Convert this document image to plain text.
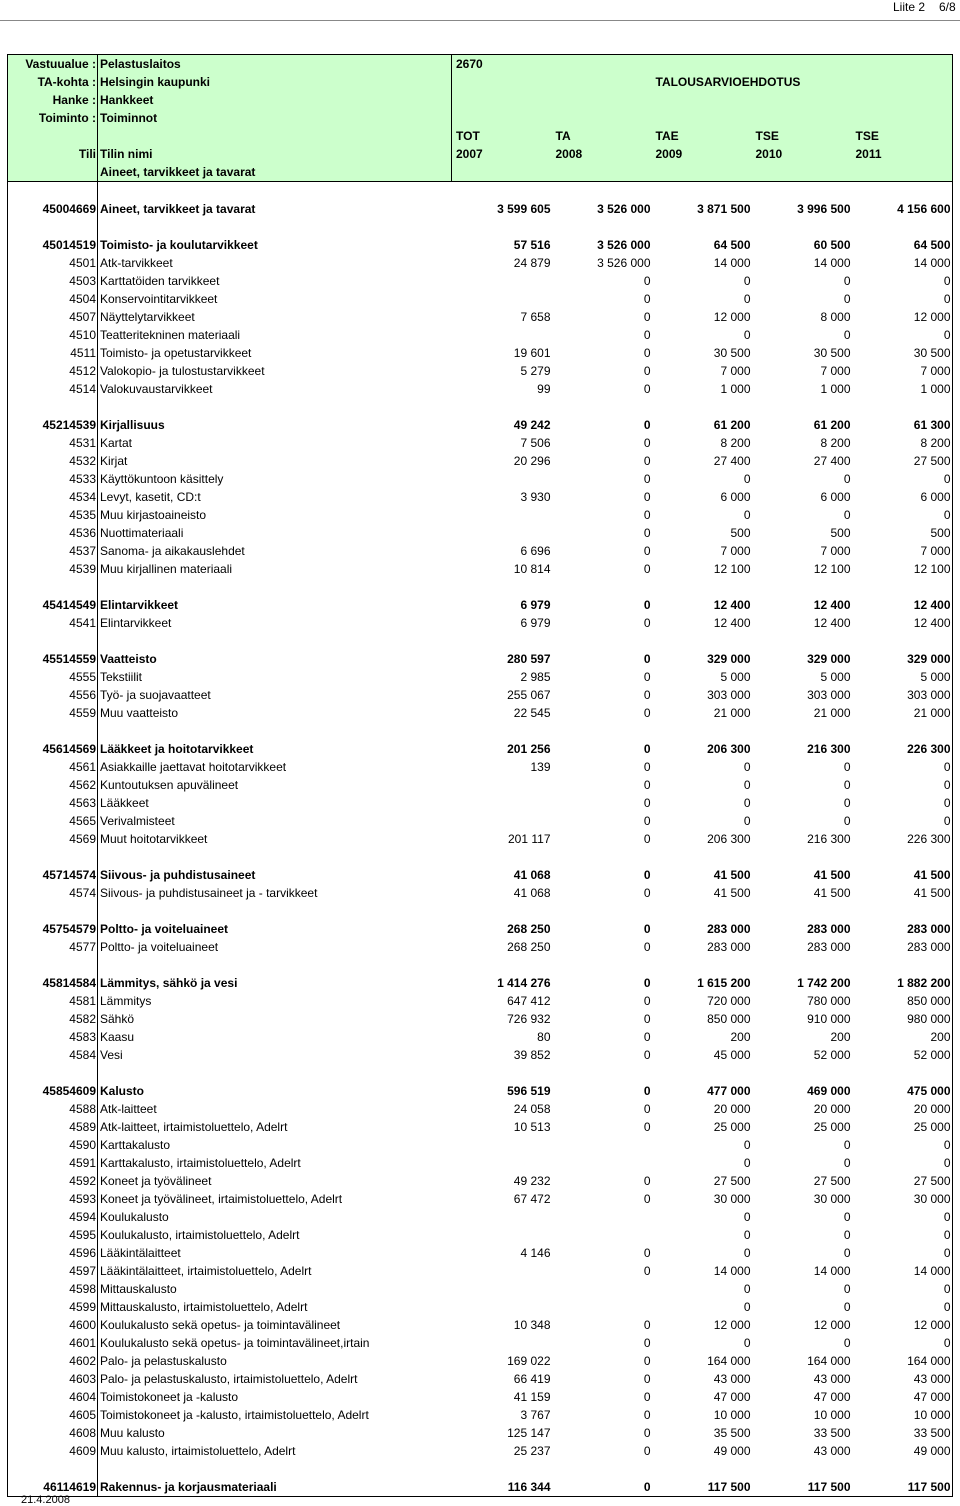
Liite 2 6/8
Vastuualue :	Pelastuslaitos	2670				
TA-kohta :	Helsingin kaupunki			TALOUSARVIOEHDOTUS		
Hanke :	Hankkeet					
Toiminto :	Toiminnot					
		TOT	TA	TAE	TSE	TSE
Tili	Tilin nimi	2007	2008	2009	2010	2011
	Aineet, tarvikkeet ja tavarat					

45004669	Aineet, tarvikkeet ja tavarat	3 599 605	3 526 000	3 871 500	3 996 500	4 156 600

45014519	Toimisto- ja koulutarvikkeet	57 516	3 526 000	64 500	60 500	64 500
4501	Atk-tarvikkeet	24 879	3 526 000	14 000	14 000	14 000
4503	Karttatöiden tarvikkeet		0	0	0	0
4504	Konservointitarvikkeet		0	0	0	0
4507	Näyttelytarvikkeet	7 658	0	12 000	8 000	12 000
4510	Teatteritekninen materiaali		0	0	0	0
4511	Toimisto- ja opetustarvikkeet	19 601	0	30 500	30 500	30 500
4512	Valokopio- ja tulostustarvikkeet	5 279	0	7 000	7 000	7 000
4514	Valokuvaustarvikkeet	99	0	1 000	1 000	1 000

45214539	Kirjallisuus	49 242	0	61 200	61 200	61 300
4531	Kartat	7 506	0	8 200	8 200	8 200
4532	Kirjat	20 296	0	27 400	27 400	27 500
4533	Käyttökuntoon käsittely		0	0	0	0
4534	Levyt, kasetit, CD:t	3 930	0	6 000	6 000	6 000
4535	Muu kirjastoaineisto		0	0	0	0
4536	Nuottimateriaali		0	500	500	500
4537	Sanoma- ja aikakauslehdet	6 696	0	7 000	7 000	7 000
4539	Muu kirjallinen materiaali	10 814	0	12 100	12 100	12 100

45414549	Elintarvikkeet	6 979	0	12 400	12 400	12 400
4541	Elintarvikkeet	6 979	0	12 400	12 400	12 400

45514559	Vaatteisto	280 597	0	329 000	329 000	329 000
4555	Tekstiilit	2 985	0	5 000	5 000	5 000
4556	Työ- ja suojavaatteet	255 067	0	303 000	303 000	303 000
4559	Muu vaatteisto	22 545	0	21 000	21 000	21 000

45614569	Lääkkeet ja hoitotarvikkeet	201 256	0	206 300	216 300	226 300
4561	Asiakkaille jaettavat hoitotarvikkeet	139	0	0	0	0
4562	Kuntoutuksen apuvälineet		0	0	0	0
4563	Lääkkeet		0	0	0	0
4565	Verivalmisteet		0	0	0	0
4569	Muut hoitotarvikkeet	201 117	0	206 300	216 300	226 300

45714574	Siivous- ja puhdistusaineet	41 068	0	41 500	41 500	41 500
4574	Siivous- ja puhdistusaineet ja - tarvikkeet	41 068	0	41 500	41 500	41 500

45754579	Poltto- ja voiteluaineet	268 250	0	283 000	283 000	283 000
4577	Poltto- ja voiteluaineet	268 250	0	283 000	283 000	283 000

45814584	Lämmitys, sähkö ja vesi	1 414 276	0	1 615 200	1 742 200	1 882 200
4581	Lämmitys	647 412	0	720 000	780 000	850 000
4582	Sähkö	726 932	0	850 000	910 000	980 000
4583	Kaasu	80	0	200	200	200
4584	Vesi	39 852	0	45 000	52 000	52 000

45854609	Kalusto	596 519	0	477 000	469 000	475 000
4588	Atk-laitteet	24 058	0	20 000	20 000	20 000
4589	Atk-laitteet, irtaimistoluettelo, Adelrt	10 513	0	25 000	25 000	25 000
4590	Karttakalusto			0	0	0
4591	Karttakalusto, irtaimistoluettelo, Adelrt			0	0	0
4592	Koneet ja työvälineet	49 232	0	27 500	27 500	27 500
4593	Koneet ja työvälineet, irtaimistoluettelo, Adelrt	67 472	0	30 000	30 000	30 000
4594	Koulukalusto			0	0	0
4595	Koulukalusto, irtaimistoluettelo, Adelrt			0	0	0
4596	Lääkintälaitteet	4 146	0	0	0	0
4597	Lääkintälaitteet, irtaimistoluettelo, Adelrt		0	14 000	14 000	14 000
4598	Mittauskalusto			0	0	0
4599	Mittauskalusto, irtaimistoluettelo, Adelrt			0	0	0
4600	Koulukalusto sekä opetus- ja toimintavälineet	10 348	0	12 000	12 000	12 000
4601	Koulukalusto sekä opetus- ja toimintavälineet,irtain		0	0	0	0
4602	Palo- ja pelastuskalusto	169 022	0	164 000	164 000	164 000
4603	Palo- ja pelastuskalusto, irtaimistoluettelo, Adelrt	66 419	0	43 000	43 000	43 000
4604	Toimistokoneet ja -kalusto	41 159	0	47 000	47 000	47 000
4605	Toimistokoneet ja -kalusto, irtaimistoluettelo, Adelrt	3 767	0	10 000	10 000	10 000
4608	Muu kalusto	125 147	0	35 500	33 500	33 500
4609	Muu kalusto, irtaimistoluettelo, Adelrt	25 237	0	49 000	43 000	49 000

46114619	Rakennus- ja korjausmateriaali	116 344	0	117 500	117 500	117 500
21.4.2008
